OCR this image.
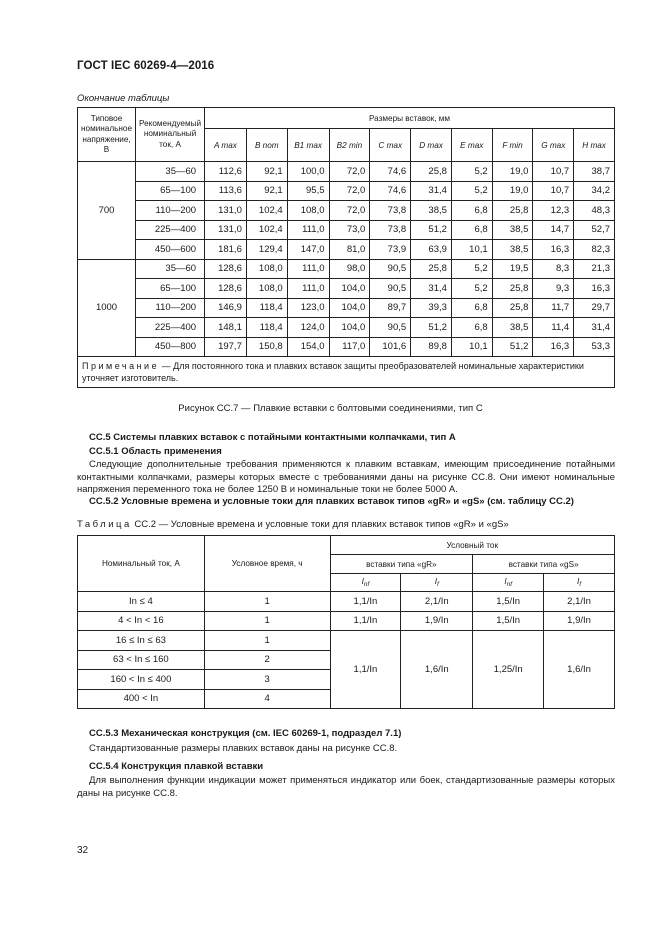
ГОСТ IEC 60269-4—2016
Окончание таблицы
Типовое номинальное напряжение, В	Рекомендуемый номинальный ток, А	Размеры вставок, мм									
		A max	B nom	B1 max	B2 min	C max	D max	E max	F min	G max	H max
700	35—60	112,6	92,1	100,0	72,0	74,6	25,8	5,2	19,0	10,7	38,7
	65—100	113,6	92,1	95,5	72,0	74,6	31,4	5,2	19,0	10,7	34,2
	110—200	131,0	102,4	108,0	72,0	73,8	38,5	6,8	25,8	12,3	48,3
	225—400	131,0	102,4	111,0	73,0	73,8	51,2	6,8	38,5	14,7	52,7
	450—600	181,6	129,4	147,0	81,0	73,9	63,9	10,1	38,5	16,3	82,3
1000	35—60	128,6	108,0	111,0	98,0	90,5	25,8	5,2	19,5	8,3	21,3
	65—100	128,6	108,0	111,0	104,0	90,5	31,4	5,2	25,8	9,3	16,3
	110—200	146,9	118,4	123,0	104,0	89,7	39,3	6,8	25,8	11,7	29,7
	225—400	148,1	118,4	124,0	104,0	90,5	51,2	6,8	38,5	11,4	31,4
	450—800	197,7	150,8	154,0	117,0	101,6	89,8	10,1	51,2	16,3	53,3
Примечание — Для постоянного тока и плавких вставок защиты преобразователей номинальные характеристики уточняет изготовитель.											
Рисунок СС.7 — Плавкие вставки с болтовыми соединениями, тип С
СС.5 Системы плавких вставок с потайными контактными колпачками, тип А
СС.5.1 Область применения
Следующие дополнительные требования применяются к плавким вставкам, имеющим присоединение потайными контактными колпачками, размеры которых вместе с требованиями даны на рисунке СС.8. Они имеют номинальные напряжения переменного тока не более 1250 В и номинальные токи не более 5000 А.
СС.5.2 Условные времена и условные токи для плавких вставок типов «gR» и «gS» (см. таблицу СС.2)
Таблица СС.2 — Условные времена и условные токи для плавких вставок типов «gR» и «gS»
Номинальный ток, А	Условное время, ч	Условный ток			
		вставки типа «gR»		вставки типа «gS»	
		$I_{nf}$	$I_f$	$I_{nf}$	$I_f$
In ≤ 4	1	1,1/In	2,1/In	1,5/In	2,1/In
4 < In < 16	1	1,1/In	1,9/In	1,5/In	1,9/In
16 ≤ In ≤ 63	1	1,1/In	1,6/In	1,25/In	1,6/In
63 < In ≤ 160	2				
160 < In ≤ 400	3				
400 < In	4				
СС.5.3 Механическая конструкция (см. IEC 60269-1, подраздел 7.1)
Стандартизованные размеры плавких вставок даны на рисунке СС.8.
СС.5.4 Конструкция плавкой вставки
Для выполнения функции индикации может применяться индикатор или боек, стандартизованные размеры которых даны на рисунке СС.8.
32
